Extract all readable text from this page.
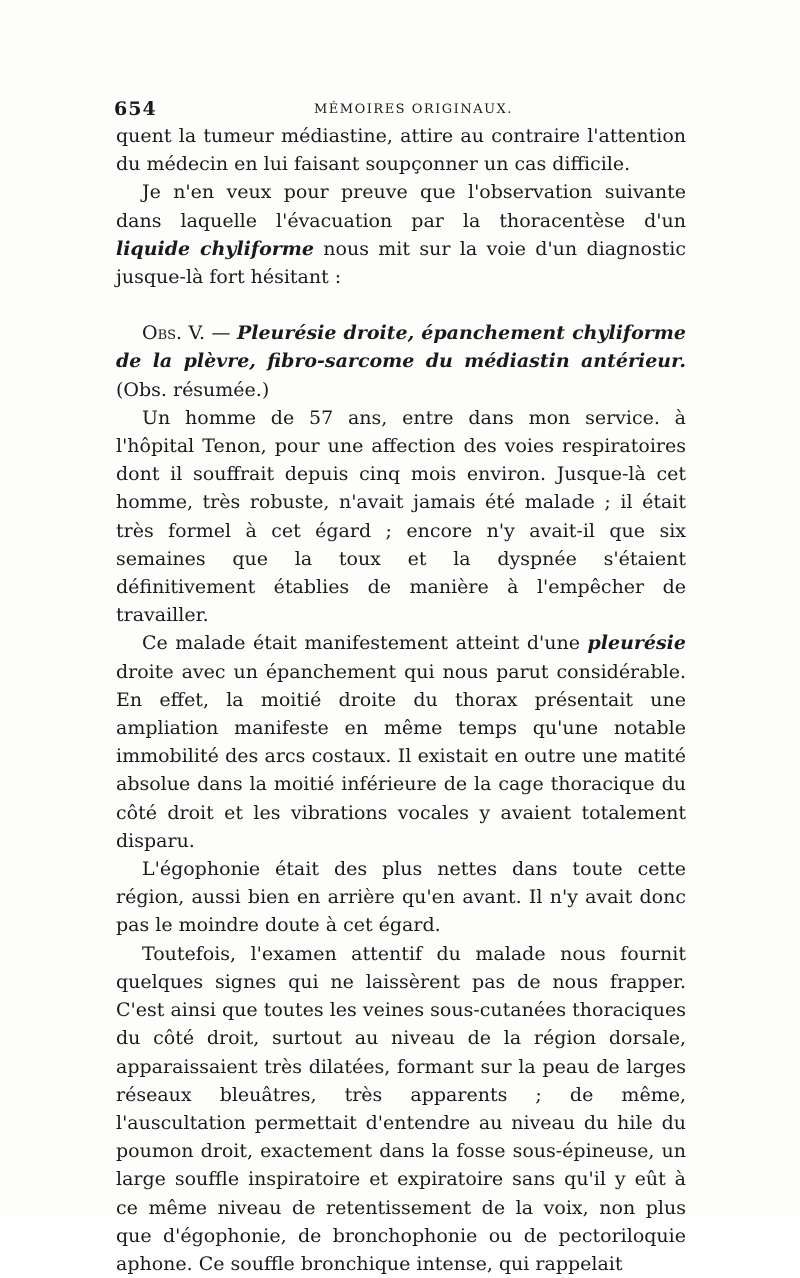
654	MÉMOIRES ORIGINAUX.

quent la tumeur médiastine, attire au contraire l'attention du médecin en lui faisant soupçonner un cas difficile.

Je n'en veux pour preuve que l'observation suivante dans laquelle l'évacuation par la thoracentèse d'un liquide chyliforme nous mit sur la voie d'un diagnostic jusque-là fort hésitant :

Obs. V. — Pleurésie droite, épanchement chyliforme de la plèvre, fibro-sarcome du médiastin antérieur. (Obs. résumée.)

Un homme de 57 ans, entre dans mon service. à l'hôpital Tenon, pour une affection des voies respiratoires dont il souffrait depuis cinq mois environ. Jusque-là cet homme, très robuste, n'avait jamais été malade ; il était très formel à cet égard ; encore n'y avait-il que six semaines que la toux et la dyspnée s'étaient définitivement établies de manière à l'empêcher de travailler.

Ce malade était manifestement atteint d'une pleurésie droite avec un épanchement qui nous parut considérable. En effet, la moitié droite du thorax présentait une ampliation manifeste en même temps qu'une notable immobilité des arcs costaux. Il existait en outre une matité absolue dans la moitié inférieure de la cage thoracique du côté droit et les vibrations vocales y avaient totalement disparu.

L'égophonie était des plus nettes dans toute cette région, aussi bien en arrière qu'en avant. Il n'y avait donc pas le moindre doute à cet égard.

Toutefois, l'examen attentif du malade nous fournit quelques signes qui ne laissèrent pas de nous frapper. C'est ainsi que toutes les veines sous-cutanées thoraciques du côté droit, surtout au niveau de la région dorsale, apparaissaient très dilatées, formant sur la peau de larges réseaux bleuâtres, très apparents ; de même, l'auscultation permettait d'entendre au niveau du hile du poumon droit, exactement dans la fosse sous-épineuse, un large souffle inspiratoire et expiratoire sans qu'il y eût à ce même niveau de retentissement de la voix, non plus que d'égophonie, de bronchophonie ou de pectoriloquie aphone. Ce souffle bronchique intense, qui rappelait
